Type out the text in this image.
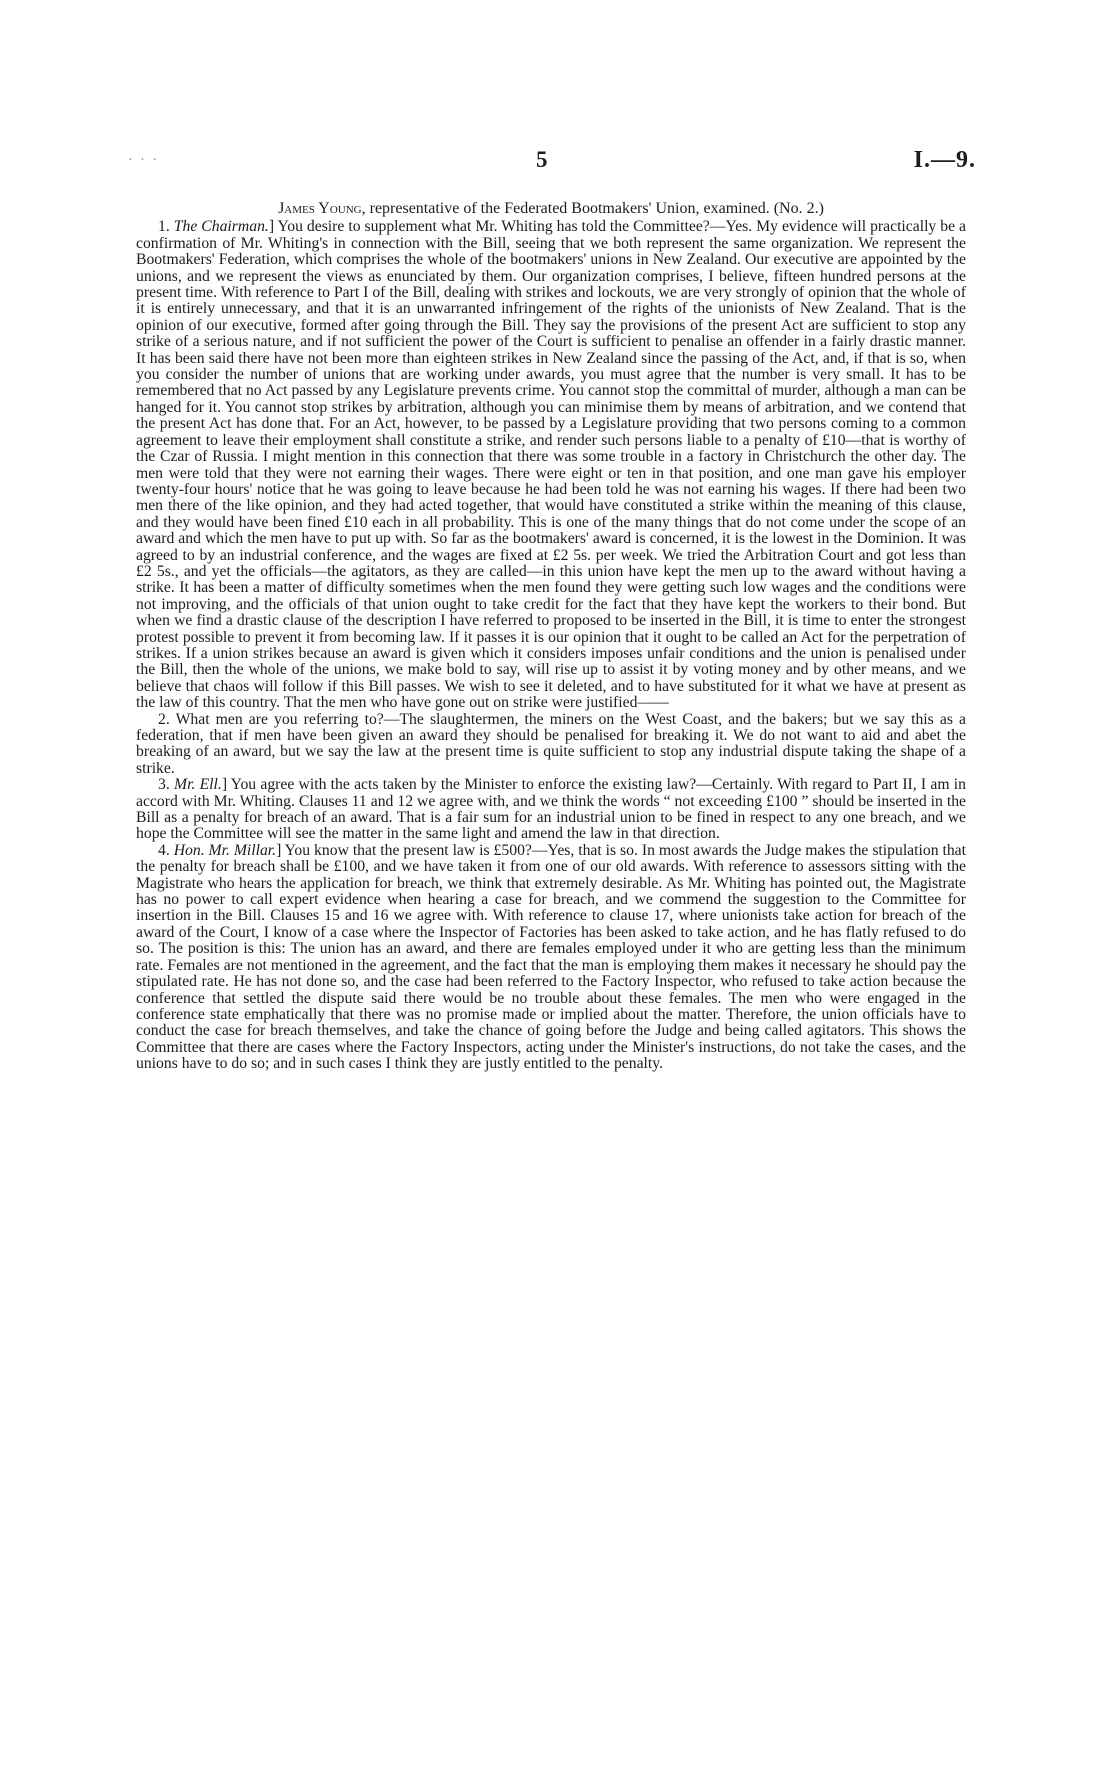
· · ·	5	I.—9.

James Young, representative of the Federated Bootmakers' Union, examined. (No. 2.)

1. The Chairman.] You desire to supplement what Mr. Whiting has told the Committee?—Yes. My evidence will practically be a confirmation of Mr. Whiting's in connection with the Bill, seeing that we both represent the same organization. We represent the Bootmakers' Federation, which comprises the whole of the bootmakers' unions in New Zealand. Our executive are appointed by the unions, and we represent the views as enunciated by them. Our organization comprises, I believe, fifteen hundred persons at the present time. With reference to Part I of the Bill, dealing with strikes and lockouts, we are very strongly of opinion that the whole of it is entirely unnecessary, and that it is an unwarranted infringement of the rights of the unionists of New Zealand. That is the opinion of our executive, formed after going through the Bill. They say the provisions of the present Act are sufficient to stop any strike of a serious nature, and if not sufficient the power of the Court is sufficient to penalise an offender in a fairly drastic manner. It has been said there have not been more than eighteen strikes in New Zealand since the passing of the Act, and, if that is so, when you consider the number of unions that are working under awards, you must agree that the number is very small. It has to be remembered that no Act passed by any Legislature prevents crime. You cannot stop the committal of murder, although a man can be hanged for it. You cannot stop strikes by arbitration, although you can minimise them by means of arbitration, and we contend that the present Act has done that. For an Act, however, to be passed by a Legislature providing that two persons coming to a common agreement to leave their employment shall constitute a strike, and render such persons liable to a penalty of £10—that is worthy of the Czar of Russia. I might mention in this connection that there was some trouble in a factory in Christchurch the other day. The men were told that they were not earning their wages. There were eight or ten in that position, and one man gave his employer twenty-four hours' notice that he was going to leave because he had been told he was not earning his wages. If there had been two men there of the like opinion, and they had acted together, that would have constituted a strike within the meaning of this clause, and they would have been fined £10 each in all probability. This is one of the many things that do not come under the scope of an award and which the men have to put up with. So far as the bootmakers' award is concerned, it is the lowest in the Dominion. It was agreed to by an industrial conference, and the wages are fixed at £2 5s. per week. We tried the Arbitration Court and got less than £2 5s., and yet the officials—the agitators, as they are called—in this union have kept the men up to the award without having a strike. It has been a matter of difficulty sometimes when the men found they were getting such low wages and the conditions were not improving, and the officials of that union ought to take credit for the fact that they have kept the workers to their bond. But when we find a drastic clause of the description I have referred to proposed to be inserted in the Bill, it is time to enter the strongest protest possible to prevent it from becoming law. If it passes it is our opinion that it ought to be called an Act for the perpetration of strikes. If a union strikes because an award is given which it considers imposes unfair conditions and the union is penalised under the Bill, then the whole of the unions, we make bold to say, will rise up to assist it by voting money and by other means, and we believe that chaos will follow if this Bill passes. We wish to see it deleted, and to have substituted for it what we have at present as the law of this country. That the men who have gone out on strike were justified——

2. What men are you referring to?—The slaughtermen, the miners on the West Coast, and the bakers; but we say this as a federation, that if men have been given an award they should be penalised for breaking it. We do not want to aid and abet the breaking of an award, but we say the law at the present time is quite sufficient to stop any industrial dispute taking the shape of a strike.

3. Mr. Ell.] You agree with the acts taken by the Minister to enforce the existing law?—Certainly. With regard to Part II, I am in accord with Mr. Whiting. Clauses 11 and 12 we agree with, and we think the words “ not exceeding £100 ” should be inserted in the Bill as a penalty for breach of an award. That is a fair sum for an industrial union to be fined in respect to any one breach, and we hope the Committee will see the matter in the same light and amend the law in that direction.

4. Hon. Mr. Millar.] You know that the present law is £500?—Yes, that is so. In most awards the Judge makes the stipulation that the penalty for breach shall be £100, and we have taken it from one of our old awards. With reference to assessors sitting with the Magistrate who hears the application for breach, we think that extremely desirable. As Mr. Whiting has pointed out, the Magistrate has no power to call expert evidence when hearing a case for breach, and we commend the suggestion to the Committee for insertion in the Bill. Clauses 15 and 16 we agree with. With reference to clause 17, where unionists take action for breach of the award of the Court, I know of a case where the Inspector of Factories has been asked to take action, and he has flatly refused to do so. The position is this: The union has an award, and there are females employed under it who are getting less than the minimum rate. Females are not mentioned in the agreement, and the fact that the man is employing them makes it necessary he should pay the stipulated rate. He has not done so, and the case had been referred to the Factory Inspector, who refused to take action because the conference that settled the dispute said there would be no trouble about these females. The men who were engaged in the conference state emphatically that there was no promise made or implied about the matter. Therefore, the union officials have to conduct the case for breach themselves, and take the chance of going before the Judge and being called agitators. This shows the Committee that there are cases where the Factory Inspectors, acting under the Minister's instructions, do not take the cases, and the unions have to do so; and in such cases I think they are justly entitled to the penalty.
